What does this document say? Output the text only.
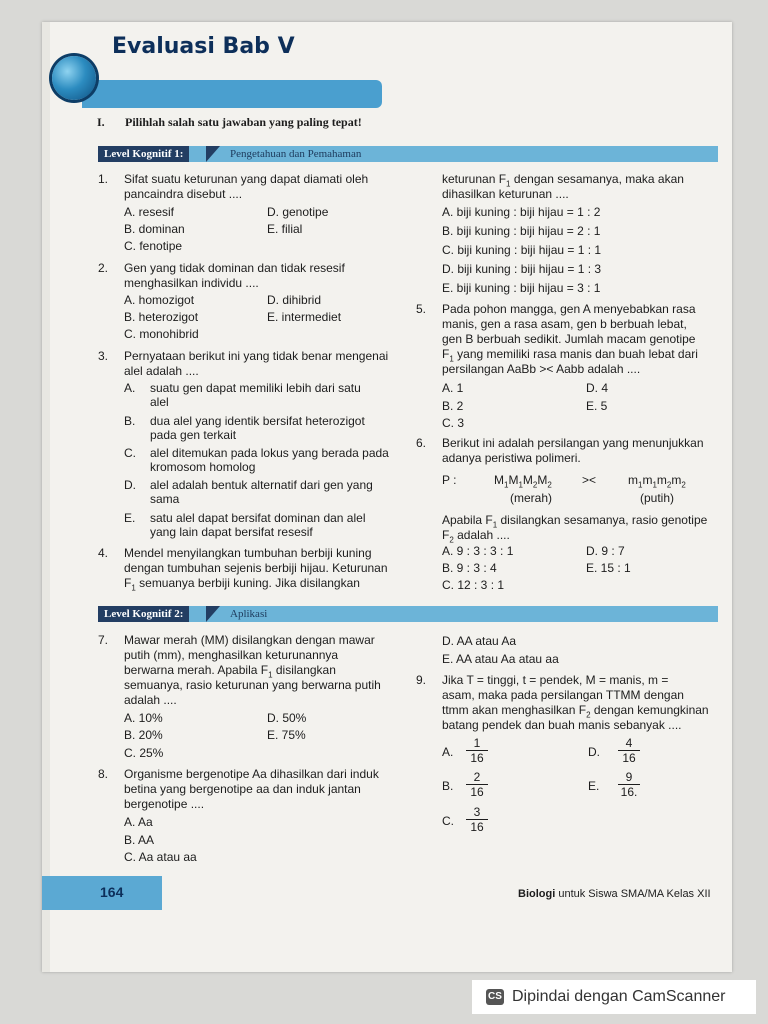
Evaluasi Bab V
I. Pilihlah salah satu jawaban yang paling tepat!
Level Kognitif 1:	Pengetahuan dan Pemahaman
1. Sifat suatu keturunan yang dapat diamati oleh
pancaindra disebut ....
A. resesif	D. genotipe
B. dominan	E. filial
C. fenotipe
2. Gen yang tidak dominan dan tidak resesif
menghasilkan individu ....
A. homozigot	D. dihibrid
B. heterozigot	E. intermediet
C. monohibrid
3. Pernyataan berikut ini yang tidak benar mengenai
alel adalah ....
A. suatu gen dapat memiliki lebih dari satu
alel
B. dua alel yang identik bersifat heterozigot
pada gen terkait
C. alel ditemukan pada lokus yang berada pada
kromosom homolog
D. alel adalah bentuk alternatif dari gen yang
sama
E. satu alel dapat bersifat dominan dan alel
yang lain dapat bersifat resesif
4. Mendel menyilangkan tumbuhan berbiji kuning
dengan tumbuhan sejenis berbiji hijau. Keturunan
$F_1$ semuanya berbiji kuning. Jika disilangkan
keturunan $F_1$ dengan sesamanya, maka akan
dihasilkan keturunan ....
A. biji kuning : biji hijau = 1 : 2
B. biji kuning : biji hijau = 2 : 1
C. biji kuning : biji hijau = 1 : 1
D. biji kuning : biji hijau = 1 : 3
E. biji kuning : biji hijau = 3 : 1
5. Pada pohon mangga, gen A menyebabkan rasa
manis, gen a rasa asam, gen b berbuah lebat,
gen B berbuah sedikit. Jumlah macam genotipe
$F_1$ yang memiliki rasa manis dan buah lebat dari
persilangan AaBb >< Aabb adalah ....
A. 1	D. 4
B. 2	E. 5
C. 3
6. Berikut ini adalah persilangan yang menunjukkan
adanya peristiwa polimeri.
P :	$M_1M_1M_2M_2$	><	$m_1m_1m_2m_2$
(merah)	(putih)
Apabila $F_1$ disilangkan sesamanya, rasio genotipe
$F_2$ adalah ....
A. 9 : 3 : 3 : 1	D. 9 : 7
B. 9 : 3 : 4	E. 15 : 1
C. 12 : 3 : 1
Level Kognitif 2:	Aplikasi
7. Mawar merah (MM) disilangkan dengan mawar
putih (mm), menghasilkan keturunannya
berwarna merah. Apabila $F_1$ disilangkan
semuanya, rasio keturunan yang berwarna putih
adalah ....
A. 10%	D. 50%
B. 20%	E. 75%
C. 25%
8. Organisme bergenotipe Aa dihasilkan dari induk
betina yang bergenotipe aa dan induk jantan
bergenotipe ....
A. Aa
B. AA
C. Aa atau aa
D. AA atau Aa
E. AA atau Aa atau aa
9. Jika T = tinggi, t = pendek, M = manis, m =
asam, maka pada persilangan TTMM dengan
ttmm akan menghasilkan $F_2$ dengan kemungkinan
batang pendek dan buah manis sebanyak ....
A. $\frac{1}{16}$	D. $\frac{4}{16}$
B. $\frac{2}{16}$	E. $\frac{9}{16.}$
C. $\frac{3}{16}$
164	Biologi untuk Siswa SMA/MA Kelas XII
CS Dipindai dengan CamScanner
